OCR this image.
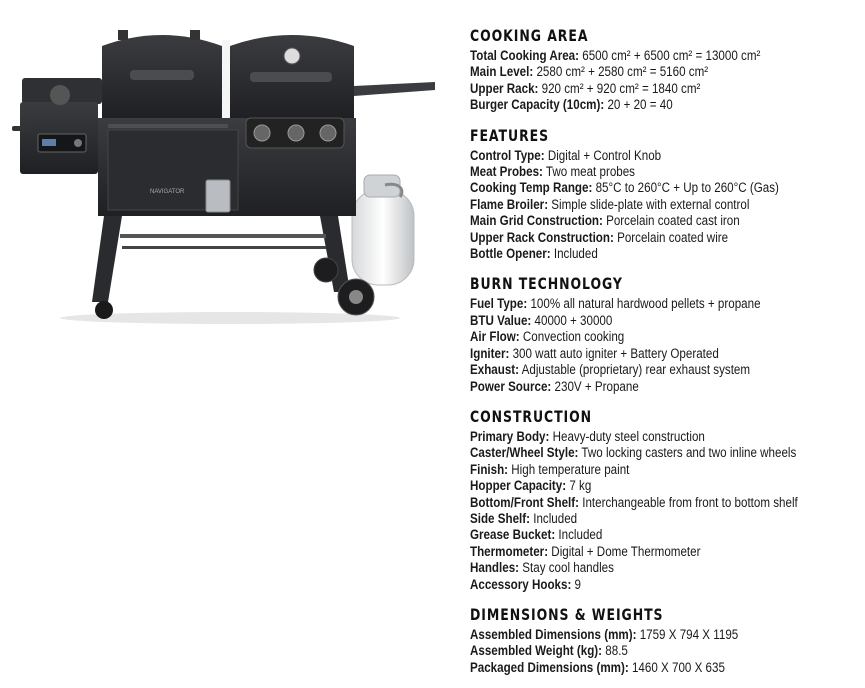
NAVIGATOR
COOKING AREA
Total Cooking Area: 6500 cm² + 6500 cm² = 13000 cm²
Main Level: 2580 cm² + 2580 cm² = 5160 cm²
Upper Rack: 920 cm² + 920 cm² = 1840 cm²
Burger Capacity (10cm): 20 + 20 = 40
FEATURES
Control Type: Digital + Control Knob
Meat Probes: Two meat probes
Cooking Temp Range: 85°C to 260°C + Up to 260°C (Gas)
Flame Broiler: Simple slide-plate with external control
Main Grid Construction: Porcelain coated cast iron
Upper Rack Construction: Porcelain coated wire
Bottle Opener: Included
BURN TECHNOLOGY
Fuel Type: 100% all natural hardwood pellets + propane
BTU Value: 40000 + 30000
Air Flow: Convection cooking
Igniter: 300 watt auto igniter + Battery Operated
Exhaust: Adjustable (proprietary) rear exhaust system
Power Source: 230V + Propane
CONSTRUCTION
Primary Body: Heavy-duty steel construction
Caster/Wheel Style: Two locking casters and two inline wheels
Finish: High temperature paint
Hopper Capacity: 7 kg
Bottom/Front Shelf: Interchangeable from front to bottom shelf
Side Shelf: Included
Grease Bucket: Included
Thermometer: Digital + Dome Thermometer
Handles: Stay cool handles
Accessory Hooks: 9
DIMENSIONS & WEIGHTS
Assembled Dimensions (mm): 1759 X 794 X 1195
Assembled Weight (kg): 88.5
Packaged Dimensions (mm): 1460 X 700 X 635
